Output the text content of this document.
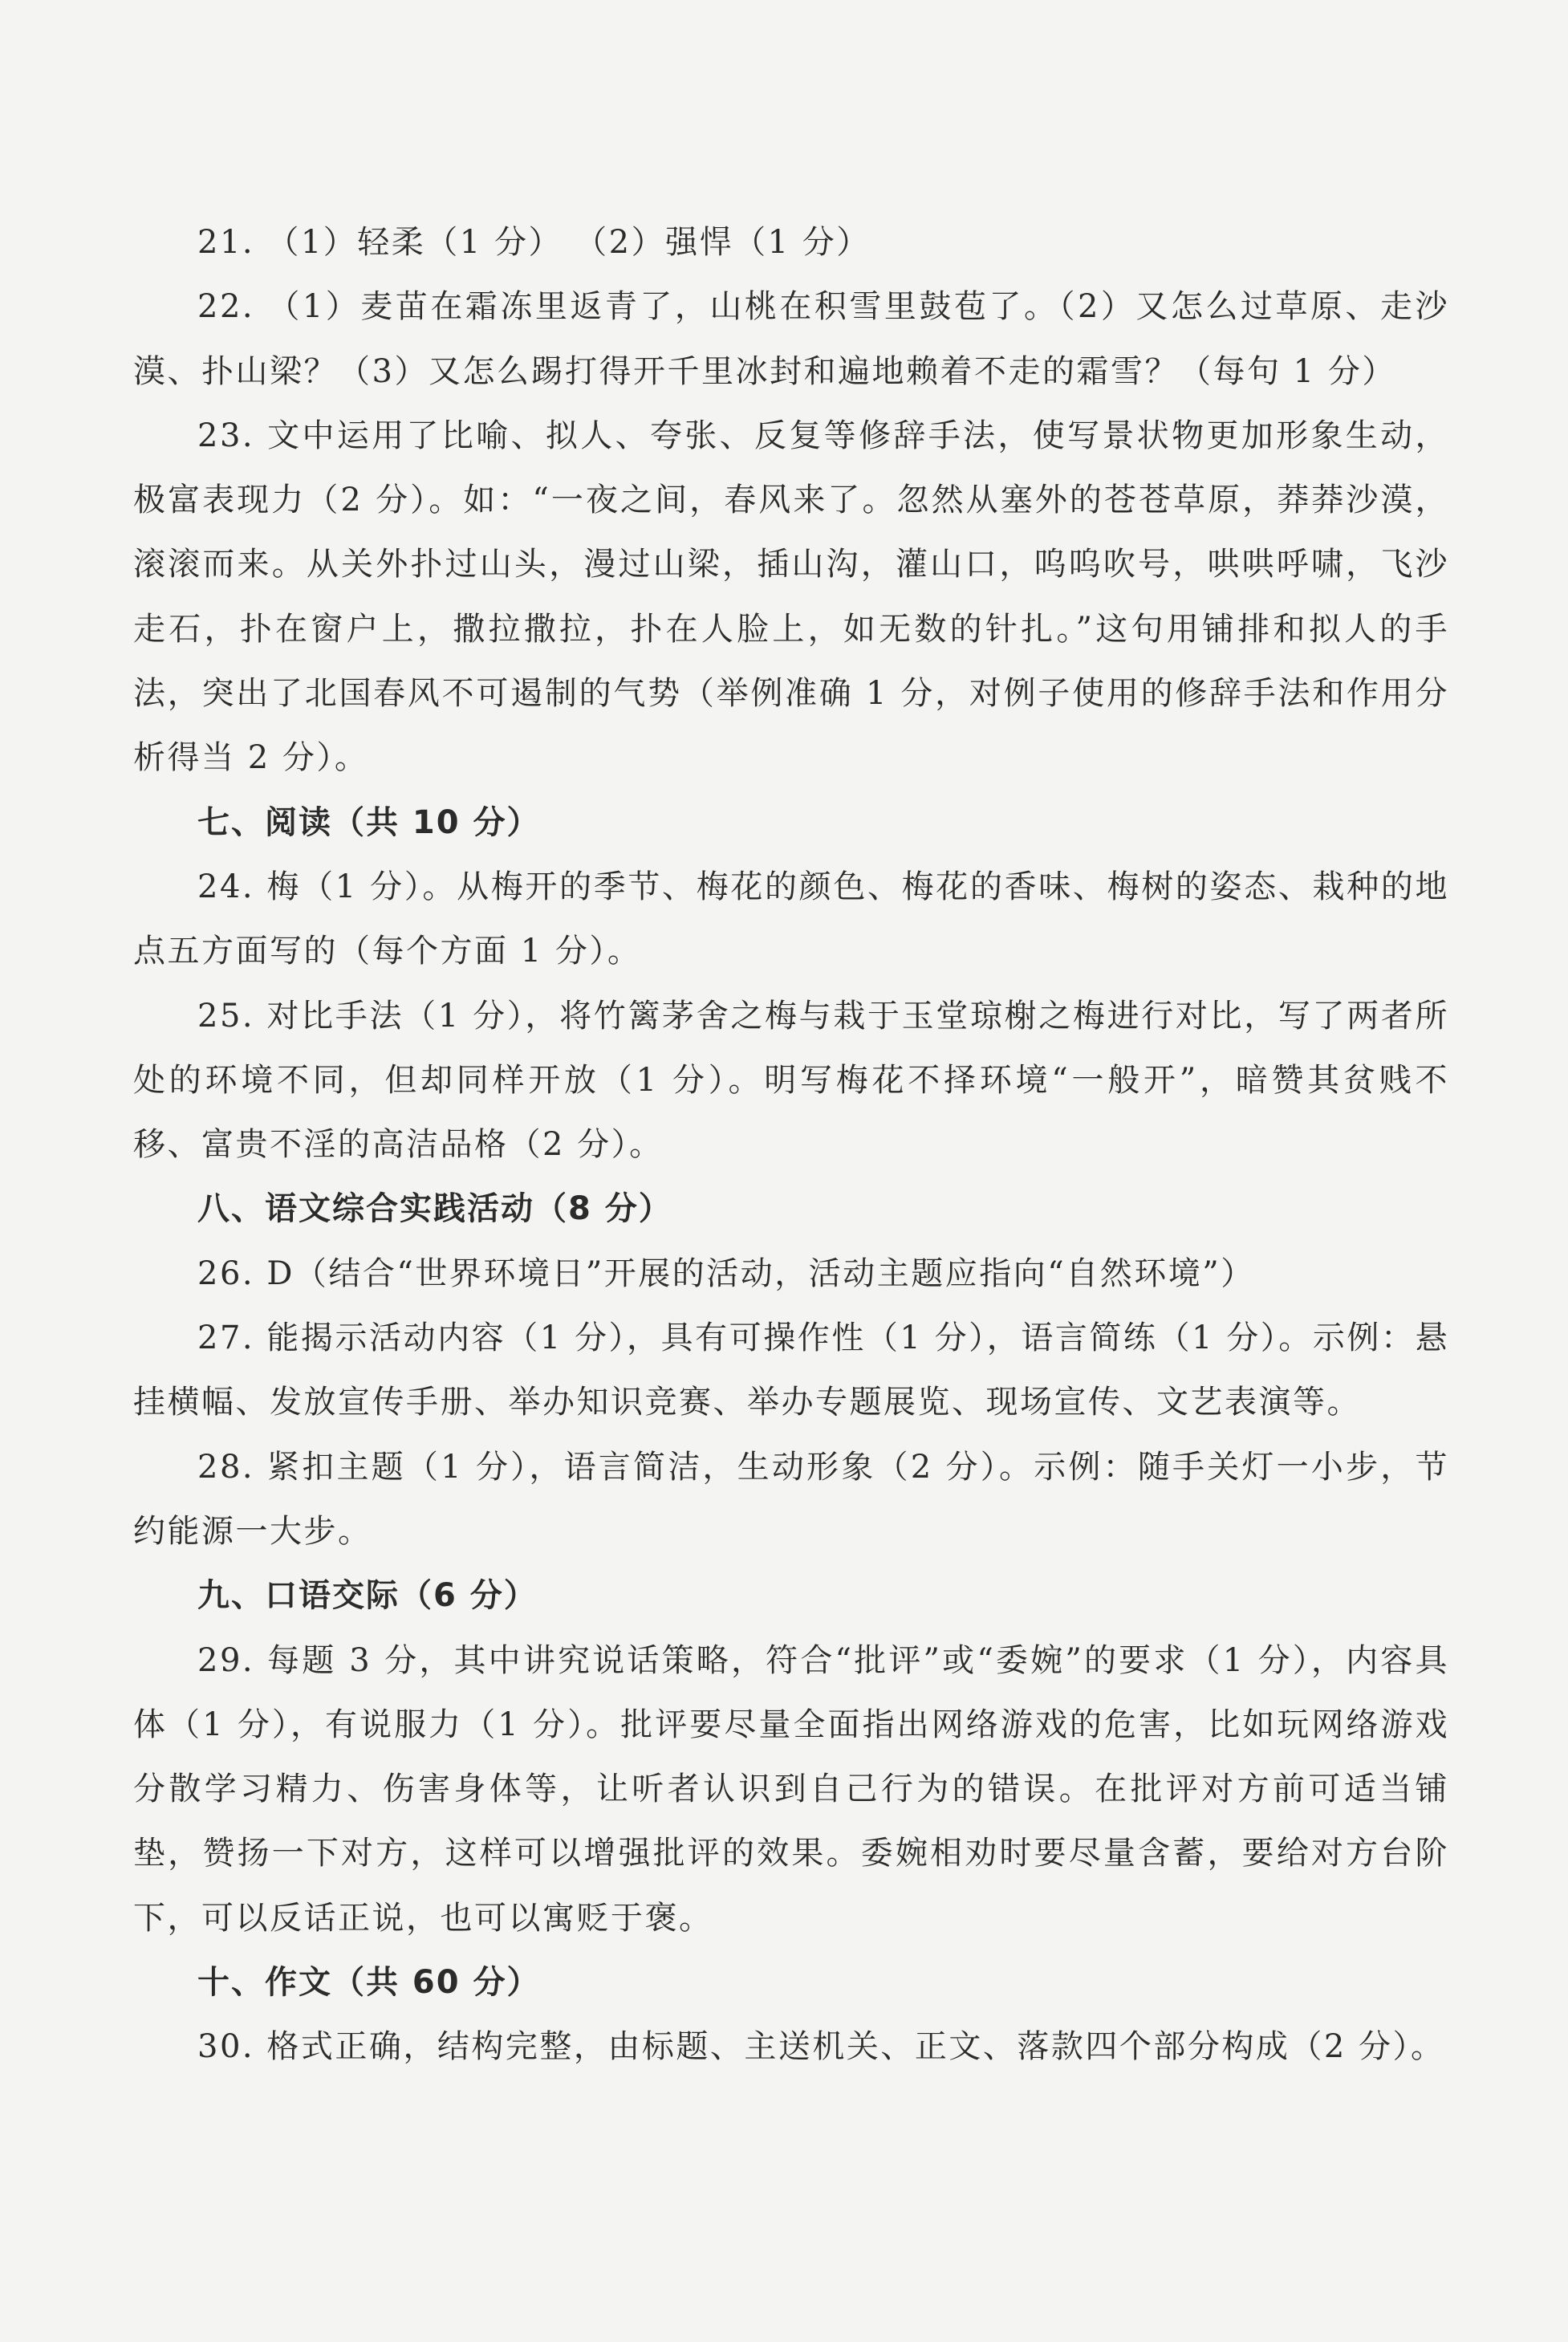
21. （1）轻柔（1 分） （2）强悍（1 分）

22. （1）麦苗在霜冻里返青了，山桃在积雪里鼓苞了。（2）又怎么过草原、走沙漠、扑山梁？（3）又怎么踢打得开千里冰封和遍地赖着不走的霜雪？（每句 1 分）

23. 文中运用了比喻、拟人、夸张、反复等修辞手法，使写景状物更加形象生动，极富表现力（2 分）。如：“一夜之间，春风来了。忽然从塞外的苍苍草原，莽莽沙漠，滚滚而来。从关外扑过山头，漫过山梁，插山沟，灌山口，呜呜吹号，哄哄呼啸，飞沙走石，扑在窗户上，撒拉撒拉，扑在人脸上，如无数的针扎。”这句用铺排和拟人的手法，突出了北国春风不可遏制的气势（举例准确 1 分，对例子使用的修辞手法和作用分析得当 2 分）。

七、阅读（共 10 分）

24. 梅（1 分）。从梅开的季节、梅花的颜色、梅花的香味、梅树的姿态、栽种的地点五方面写的（每个方面 1 分）。

25. 对比手法（1 分），将竹篱茅舍之梅与栽于玉堂琼榭之梅进行对比，写了两者所处的环境不同，但却同样开放（1 分）。明写梅花不择环境“一般开”，暗赞其贫贱不移、富贵不淫的高洁品格（2 分）。

八、语文综合实践活动（8 分）

26. D（结合“世界环境日”开展的活动，活动主题应指向“自然环境”）

27. 能揭示活动内容（1 分），具有可操作性（1 分），语言简练（1 分）。示例：悬挂横幅、发放宣传手册、举办知识竞赛、举办专题展览、现场宣传、文艺表演等。

28. 紧扣主题（1 分），语言简洁，生动形象（2 分）。示例：随手关灯一小步，节约能源一大步。

九、口语交际（6 分）

29. 每题 3 分，其中讲究说话策略，符合“批评”或“委婉”的要求（1 分），内容具体（1 分），有说服力（1 分）。批评要尽量全面指出网络游戏的危害，比如玩网络游戏分散学习精力、伤害身体等，让听者认识到自己行为的错误。在批评对方前可适当铺垫，赞扬一下对方，这样可以增强批评的效果。委婉相劝时要尽量含蓄，要给对方台阶下，可以反话正说，也可以寓贬于褒。

十、作文（共 60 分）

30. 格式正确，结构完整，由标题、主送机关、正文、落款四个部分构成（2 分）。
